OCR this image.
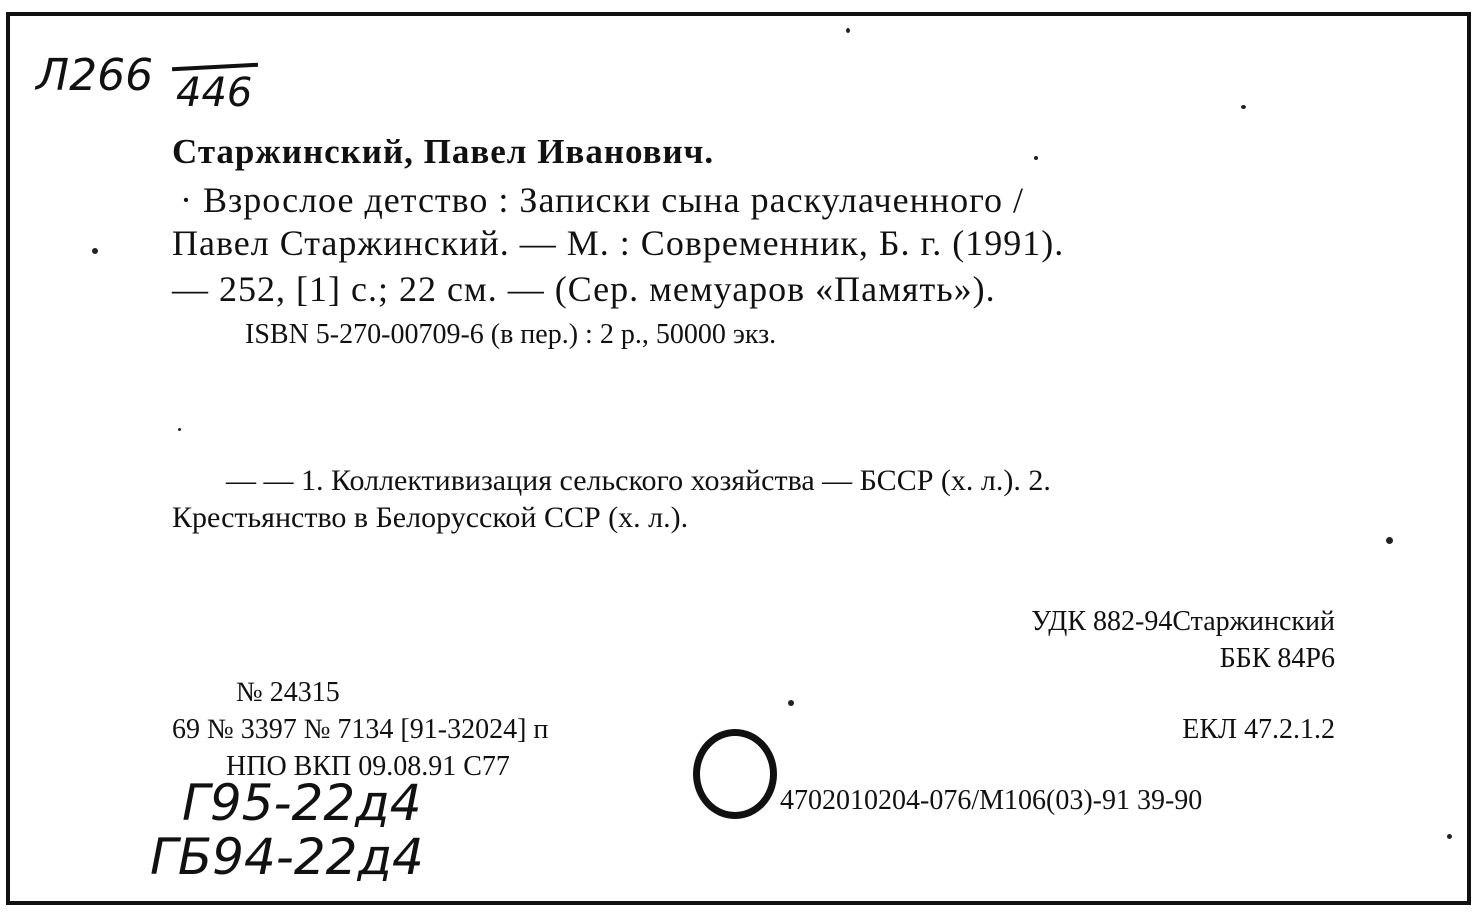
Л266 446
Старжинский, Павел Иванович.
· Взрослое детство : Записки сына раскулаченного /
Павел Старжинский. — М. : Современник, Б. г. (1991).
— 252, [1] с.; 22 см. — (Сер. мемуаров «Память»).
ISBN 5-270-00709-6 (в пер.) : 2 р., 50000 экз.
— — 1. Коллективизация сельского хозяйства — БССР (х. л.). 2.
Крестьянство в Белорусской ССР (х. л.).
УДК 882-94Старжинский
ББК 84Р6
№ 24315
69 № 3397 № 7134 [91-32024] п
НПО ВКП 09.08.91 С77
ЕКЛ 47.2.1.2
4702010204-076/М106(03)-91 39-90
Г95-22д4
ГБ94-22д4
